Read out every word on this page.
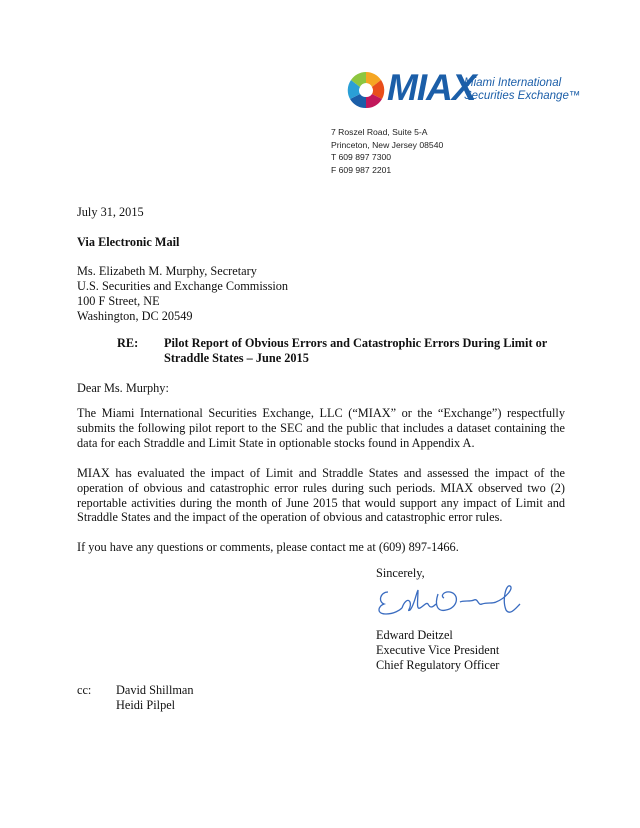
MIAX
Miami International
Securities Exchange™
7 Roszel Road, Suite 5-A
Princeton, New Jersey 08540
T 609 897 7300
F 609 987 2201
July 31, 2015
Via Electronic Mail
Ms. Elizabeth M. Murphy, Secretary
U.S. Securities and Exchange Commission
100 F Street, NE
Washington, DC 20549
RE: Pilot Report of Obvious Errors and Catastrophic Errors During Limit or Straddle States – June 2015
Dear Ms. Murphy:
The Miami International Securities Exchange, LLC (“MIAX” or the “Exchange”) respectfully submits the following pilot report to the SEC and the public that includes a dataset containing the data for each Straddle and Limit State in optionable stocks found in Appendix A.
MIAX has evaluated the impact of Limit and Straddle States and assessed the impact of the operation of obvious and catastrophic error rules during such periods. MIAX observed two (2) reportable activities during the month of June 2015 that would support any impact of Limit and Straddle States and the impact of the operation of obvious and catastrophic error rules.
If you have any questions or comments, please contact me at (609) 897-1466.
Sincerely,
Edward Deitzel
Executive Vice President
Chief Regulatory Officer
cc: David Shillman
Heidi Pilpel
